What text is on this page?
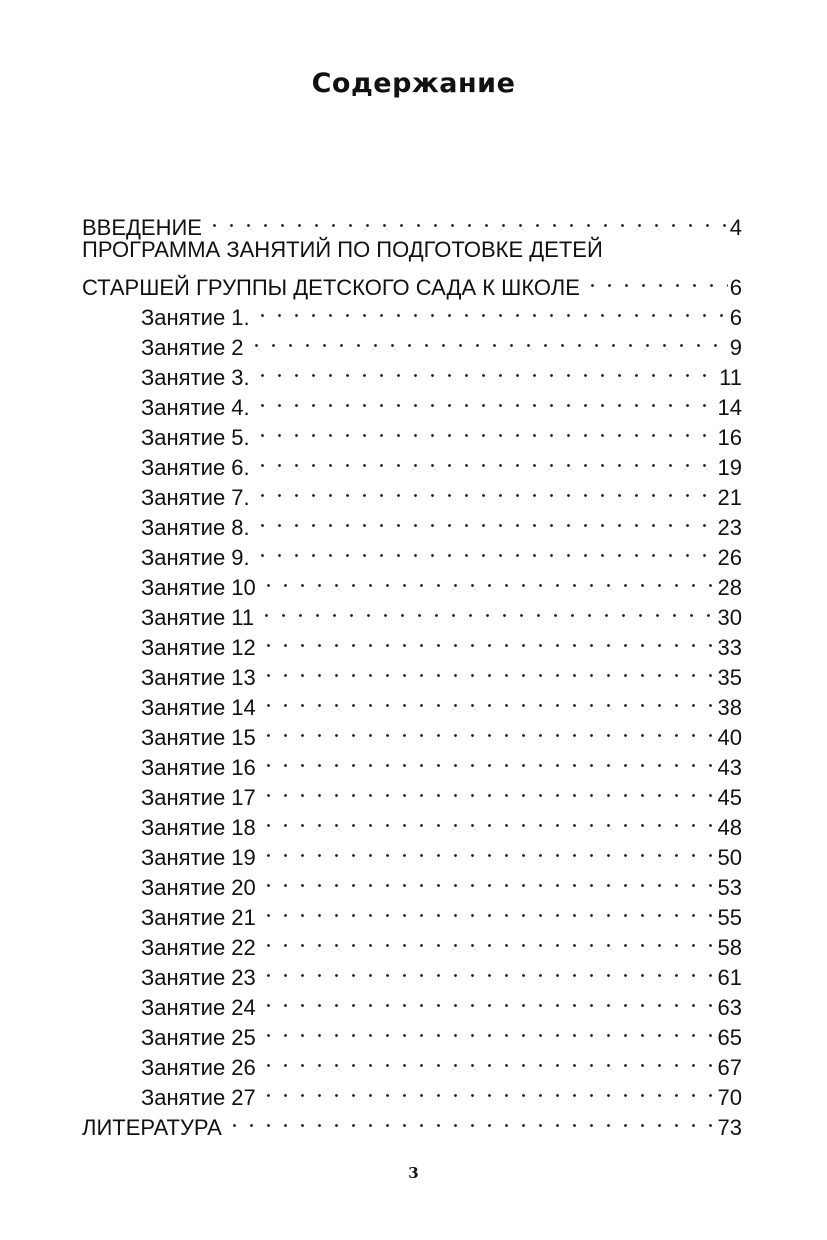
Содержание
ВВЕДЕНИЕ	4
ПРОГРАММА ЗАНЯТИЙ ПО ПОДГОТОВКЕ ДЕТЕЙ
СТАРШЕЙ ГРУППЫ ДЕТСКОГО САДА К ШКОЛЕ	6
Занятие 1.	6
Занятие 2	9
Занятие 3.	11
Занятие 4.	14
Занятие 5.	16
Занятие 6.	19
Занятие 7.	21
Занятие 8.	23
Занятие 9.	26
Занятие 10	28
Занятие 11	30
Занятие 12	33
Занятие 13	35
Занятие 14	38
Занятие 15	40
Занятие 16	43
Занятие 17	45
Занятие 18	48
Занятие 19	50
Занятие 20	53
Занятие 21	55
Занятие 22	58
Занятие 23	61
Занятие 24	63
Занятие 25	65
Занятие 26	67
Занятие 27	70
ЛИТЕРАТУРА	73
3
